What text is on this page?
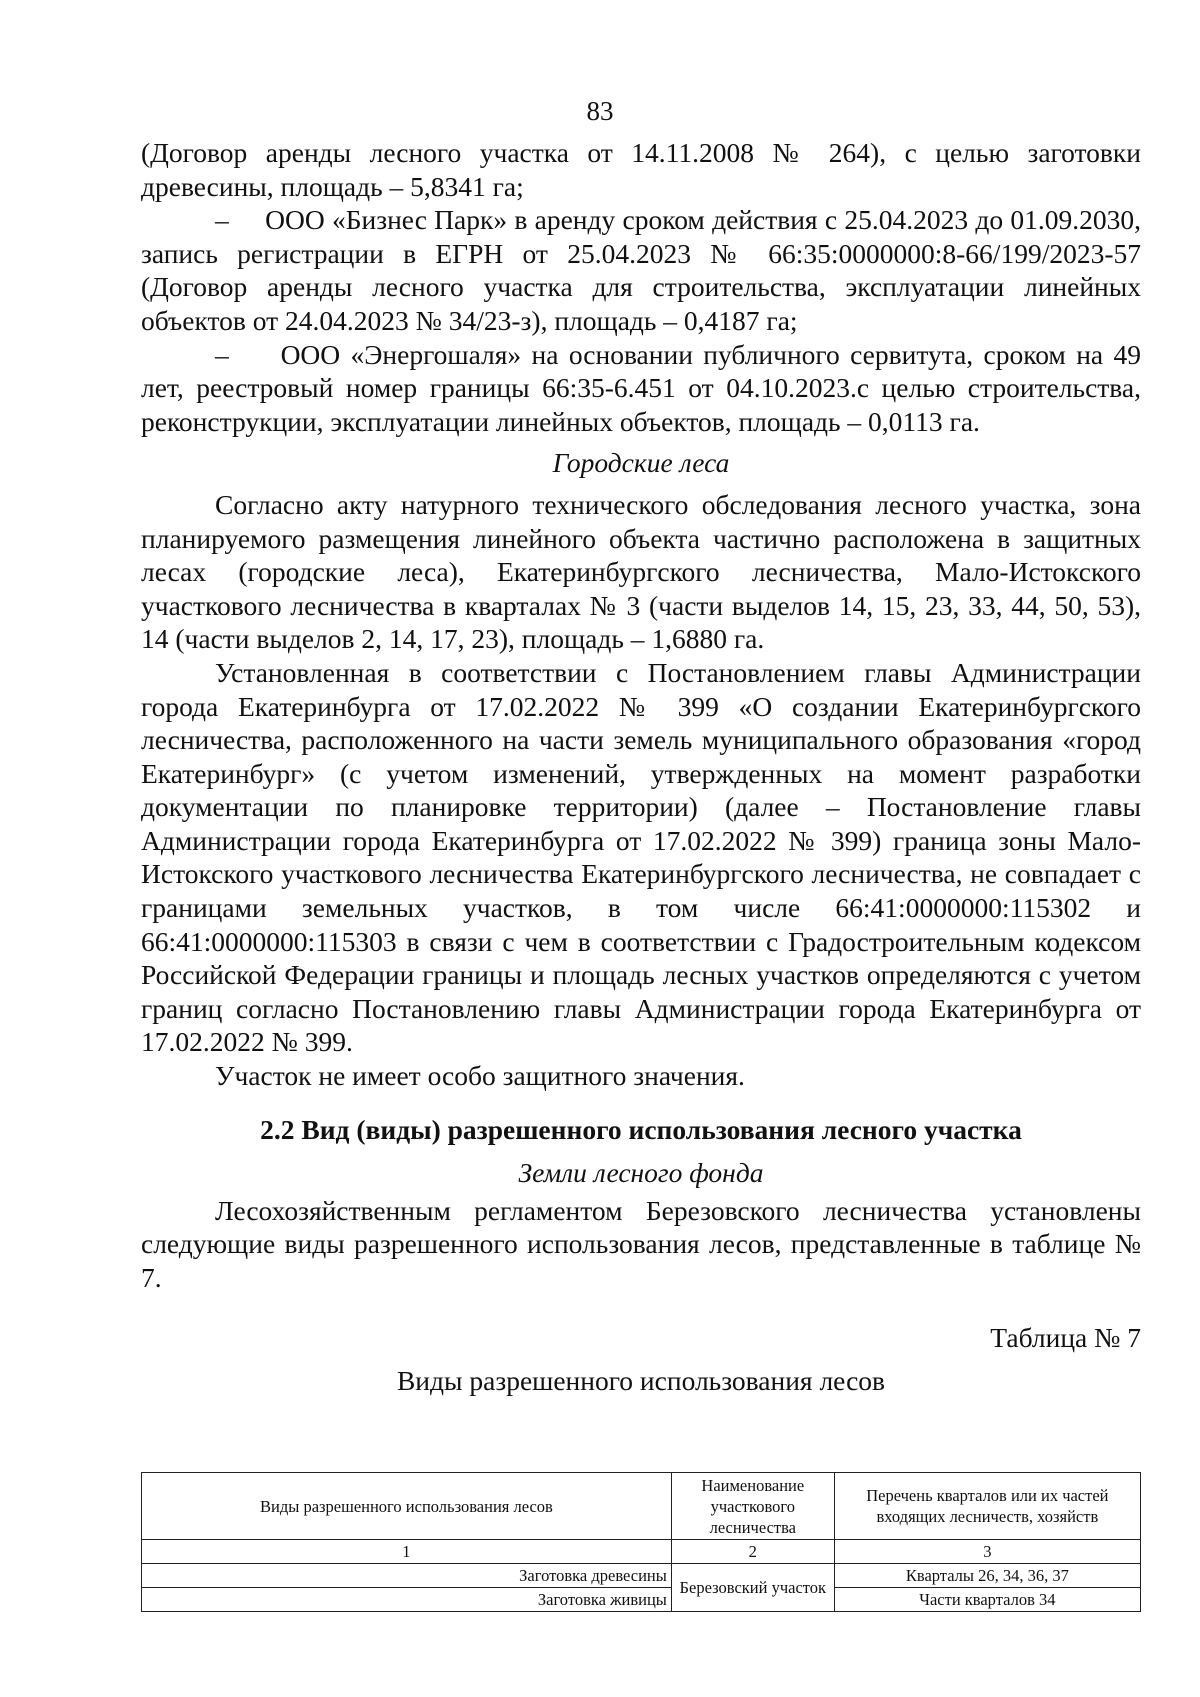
83

(Договор аренды лесного участка от 14.11.2008 № 264), с целью заготовки древесины, площадь – 5,8341 га;

–     ООО «Бизнес Парк» в аренду сроком действия с 25.04.2023 до 01.09.2030, запись регистрации в ЕГРН от 25.04.2023 № 66:35:0000000:8-66/199/2023-57 (Договор аренды лесного участка для строительства, эксплуатации линейных объектов от 24.04.2023 № 34/23-з), площадь – 0,4187 га;

–     ООО «Энергошаля» на основании публичного сервитута, сроком на 49 лет, реестровый номер границы 66:35-6.451 от 04.10.2023.с целью строительства, реконструкции, эксплуатации линейных объектов, площадь – 0,0113 га.

Городские леса

Согласно акту натурного технического обследования лесного участка, зона планируемого размещения линейного объекта частично расположена в защитных лесах (городские леса), Екатеринбургского лесничества, Мало-Истокского участкового лесничества в кварталах № 3 (части выделов 14, 15, 23, 33, 44, 50, 53), 14 (части выделов 2, 14, 17, 23), площадь – 1,6880 га.

Установленная в соответствии с Постановлением главы Администрации города Екатеринбурга от 17.02.2022 № 399 «О создании Екатеринбургского лесничества, расположенного на части земель муниципального образования «город Екатеринбург» (с учетом изменений, утвержденных на момент разработки документации по планировке территории) (далее – Постановление главы Администрации города Екатеринбурга от 17.02.2022 № 399) граница зоны Мало-Истокского участкового лесничества Екатеринбургского лесничества, не совпадает с границами земельных участков, в том числе 66:41:0000000:115302 и 66:41:0000000:115303 в связи с чем в соответствии с Градостроительным кодексом Российской Федерации границы и площадь лесных участков определяются с учетом границ согласно Постановлению главы Администрации города Екатеринбурга от 17.02.2022 № 399.

Участок не имеет особо защитного значения.

2.2 Вид (виды) разрешенного использования лесного участка

Земли лесного фонда

Лесохозяйственным регламентом Березовского лесничества установлены следующие виды разрешенного использования лесов, представленные в таблице № 7.

Таблица № 7

Виды разрешенного использования лесов

Виды разрешенного использования лесов	Наименование участкового лесничества	Перечень кварталов или их частей входящих лесничеств, хозяйств
1	2	3
Заготовка древесины	Березовский участок	Кварталы 26, 34, 36, 37
Заготовка живицы		Части кварталов 34
